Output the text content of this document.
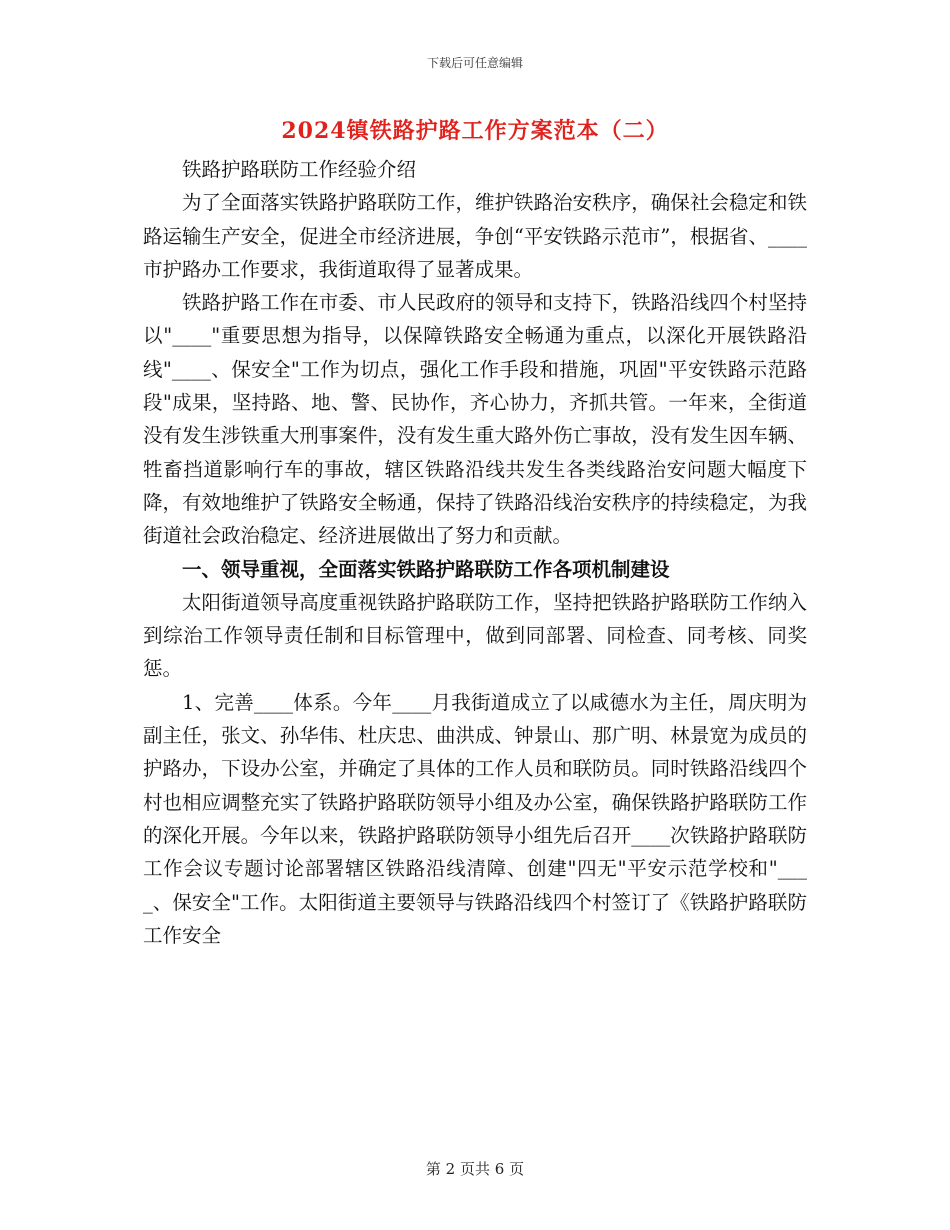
下载后可任意编辑
2024镇铁路护路工作方案范本（二）

铁路护路联防工作经验介绍

为了全面落实铁路护路联防工作，维护铁路治安秩序，确保社会稳定和铁路运输生产安全，促进全市经济进展，争创“平安铁路示范市”，根据省、____市护路办工作要求，我街道取得了显著成果。

铁路护路工作在市委、市人民政府的领导和支持下，铁路沿线四个村坚持以"____"重要思想为指导，以保障铁路安全畅通为重点，以深化开展铁路沿线"____、保安全"工作为切点，强化工作手段和措施，巩固"平安铁路示范路段"成果，坚持路、地、警、民协作，齐心协力，齐抓共管。一年来，全街道没有发生涉铁重大刑事案件，没有发生重大路外伤亡事故，没有发生因车辆、牲畜挡道影响行车的事故，辖区铁路沿线共发生各类线路治安问题大幅度下降，有效地维护了铁路安全畅通，保持了铁路沿线治安秩序的持续稳定，为我街道社会政治稳定、经济进展做出了努力和贡献。

一、领导重视，全面落实铁路护路联防工作各项机制建设

太阳街道领导高度重视铁路护路联防工作，坚持把铁路护路联防工作纳入到综治工作领导责任制和目标管理中，做到同部署、同检查、同考核、同奖惩。

1、完善____体系。今年____月我街道成立了以咸德水为主任，周庆明为副主任，张文、孙华伟、杜庆忠、曲洪成、钟景山、那广明、林景宽为成员的护路办，下设办公室，并确定了具体的工作人员和联防员。同时铁路沿线四个村也相应调整充实了铁路护路联防领导小组及办公室，确保铁路护路联防工作的深化开展。今年以来，铁路护路联防领导小组先后召开____次铁路护路联防工作会议专题讨论部署辖区铁路沿线清障、创建"四无"平安示范学校和"____、保安全"工作。太阳街道主要领导与铁路沿线四个村签订了《铁路护路联防工作安全

第 2 页共 6 页
